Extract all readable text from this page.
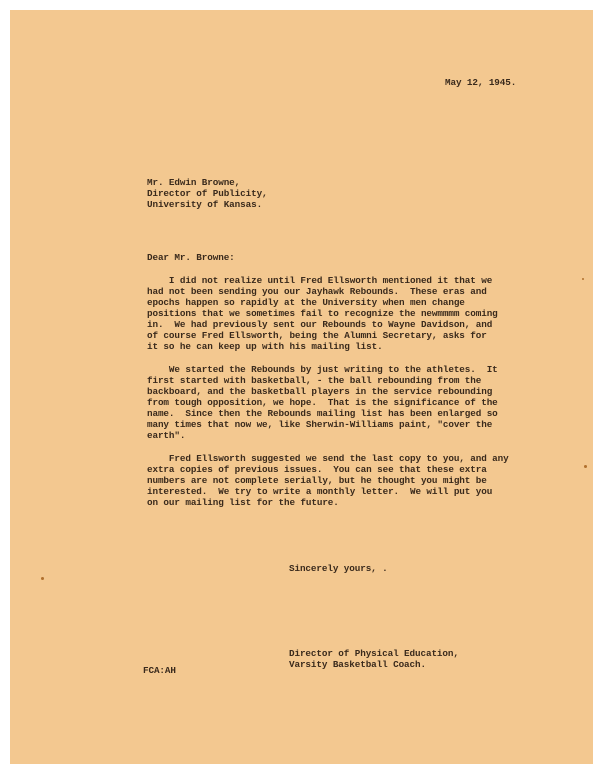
May 12, 1945.
Mr. Edwin Browne,
Director of Publicity,
University of Kansas.
Dear Mr. Browne:
I did not realize until Fred Ellsworth mentioned it that we
had not been sending you our Jayhawk Rebounds.  These eras and
epochs happen so rapidly at the University when men change
positions that we sometimes fail to recognize the newmmmm coming
in.  We had previously sent our Rebounds to Wayne Davidson, and
of course Fred Ellsworth, being the Alumni Secretary, asks for
it so he can keep up with his mailing list.
We started the Rebounds by just writing to the athletes.  It
first started with basketball, - the ball rebounding from the
backboard, and the basketball players in the service rebounding
from tough opposition, we hope.  That is the significance of the
name.  Since then the Rebounds mailing list has been enlarged so
many times that now we, like Sherwin-Williams paint, "cover the
earth".
Fred Ellsworth suggested we send the last copy to you, and any
extra copies of previous issues.  You can see that these extra
numbers are not complete serially, but he thought you might be
interested.  We try to write a monthly letter.  We will put you
on our mailing list for the future.
Sincerely yours, .
Director of Physical Education,
Varsity Basketball Coach.
FCA:AH
